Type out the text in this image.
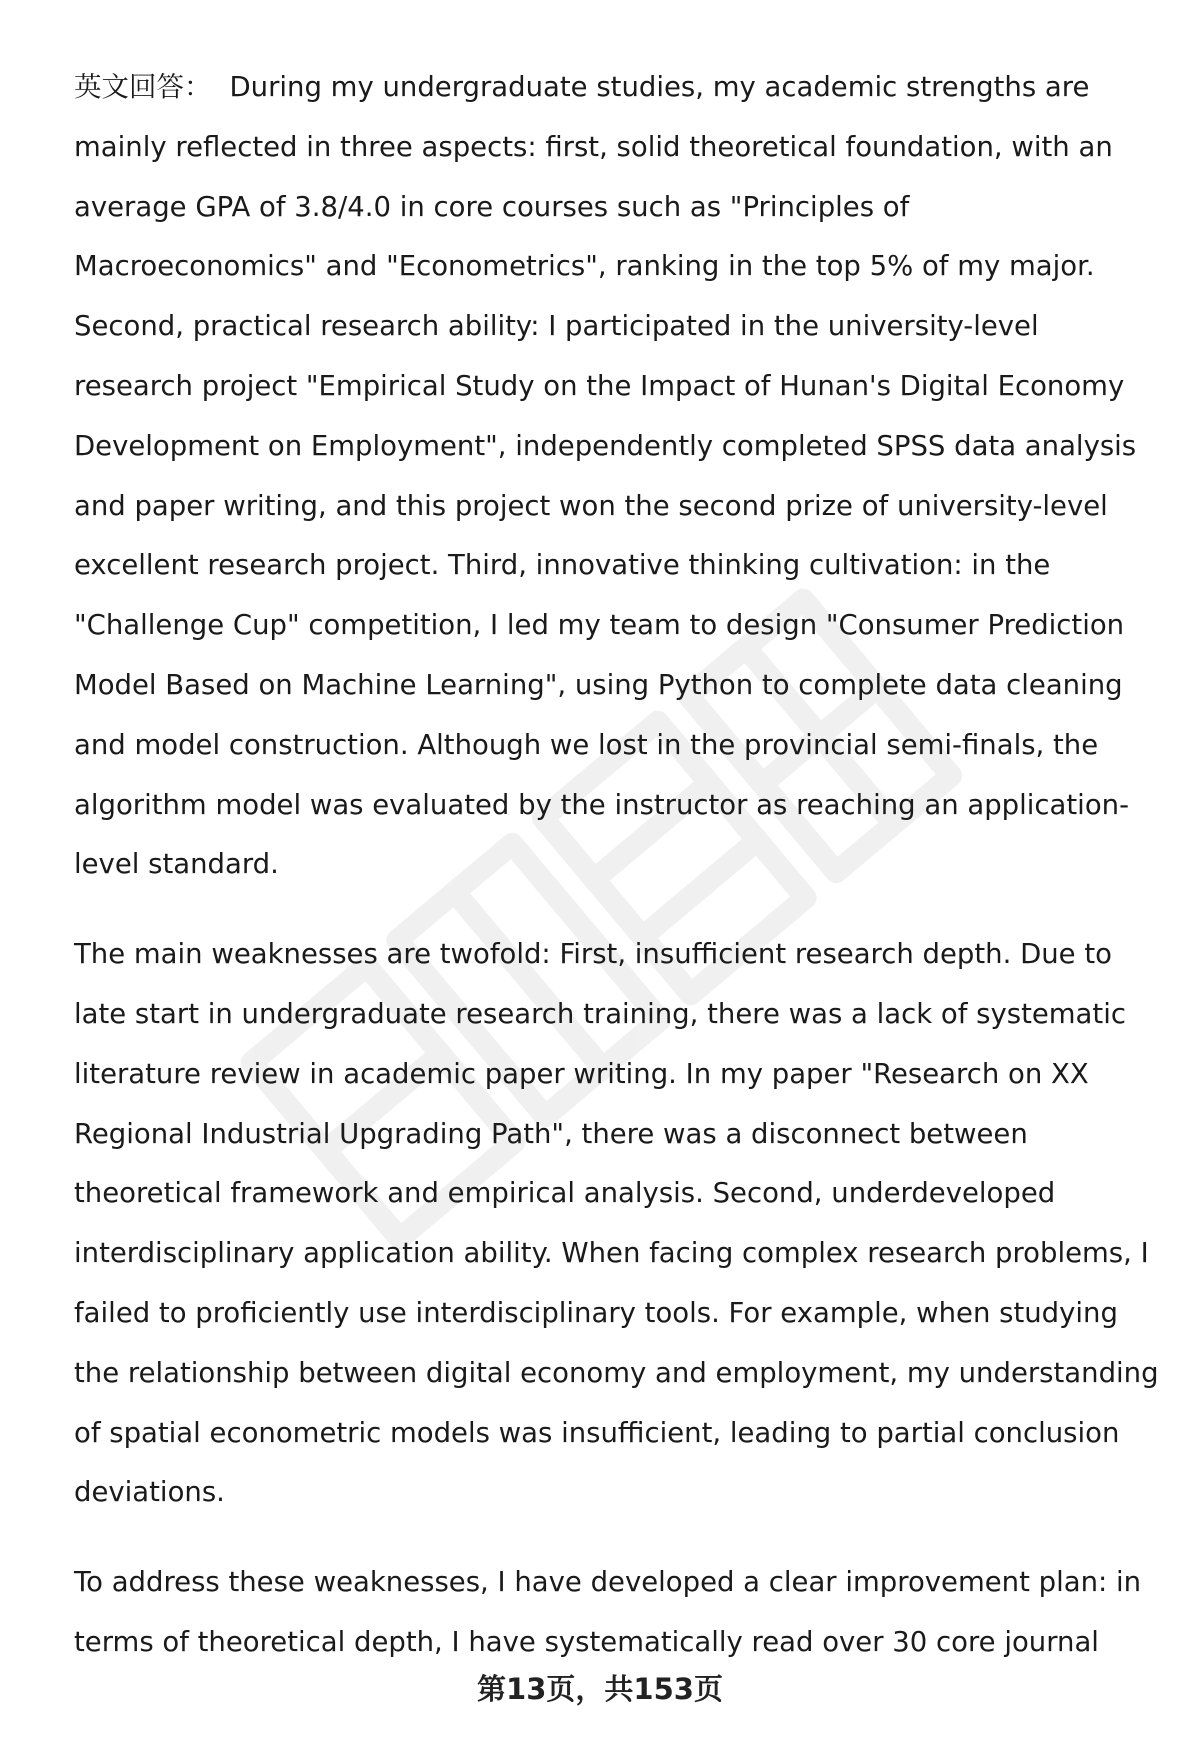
英文回答： During my undergraduate studies, my academic strengths are mainly reflected in three aspects: first, solid theoretical foundation, with an average GPA of 3.8/4.0 in core courses such as "Principles of Macroeconomics" and "Econometrics", ranking in the top 5% of my major. Second, practical research ability: I participated in the university-level research project "Empirical Study on the Impact of Hunan's Digital Economy Development on Employment", independently completed SPSS data analysis and paper writing, and this project won the second prize of university-level excellent research project. Third, innovative thinking cultivation: in the "Challenge Cup" competition, I led my team to design "Consumer Prediction Model Based on Machine Learning", using Python to complete data cleaning and model construction. Although we lost in the provincial semi-finals, the algorithm model was evaluated by the instructor as reaching an application-level standard.

The main weaknesses are twofold: First, insufficient research depth. Due to late start in undergraduate research training, there was a lack of systematic literature review in academic paper writing. In my paper "Research on XX Regional Industrial Upgrading Path", there was a disconnect between theoretical framework and empirical analysis. Second, underdeveloped interdisciplinary application ability. When facing complex research problems, I failed to proficiently use interdisciplinary tools. For example, when studying the relationship between digital economy and employment, my understanding of spatial econometric models was insufficient, leading to partial conclusion deviations.

To address these weaknesses, I have developed a clear improvement plan: in terms of theoretical depth, I have systematically read over 30 core journal

第13页，共153页
